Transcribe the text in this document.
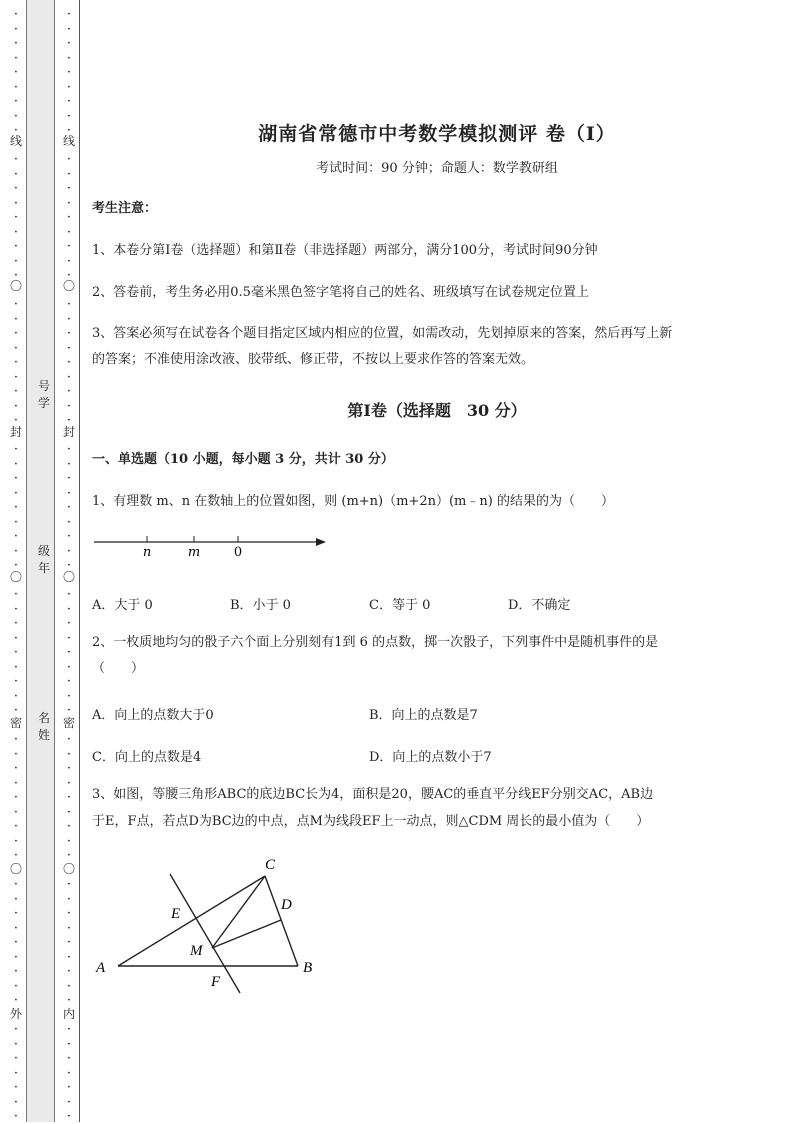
·
·
·
·
·
·
·
·
·
·
·
·
·
·
·
·
·
·
·
·
·
·
·
·
·
·
·
·
·
·
·
·
·
·
·
·
·
·
·
·
·
·
·
·
·
·
·
·
·
·
·
·
·
·
·
·
·
·
·
·
·
·
·
·
·
·
·
·
·
·
·
·
·
·
·
·
·
·
·
·
·
·
·
·
·
·
·
·
·
·
·
·
·
·
·
·
·
·
·
·
·
·
·
·
·
·
·
·
·
·
·
·
·
·
·
·
·
·
·
·
·
·
·
·
·
·
·
·
·
·
·
·
·
·
·
·
·
·
·
·
线
〇
封
〇
密
〇
外
线
〇
封
〇
密
〇
内
号学
级年
名姓
湖南省常德市中考数学模拟测评 卷（Ⅰ）
考试时间：90 分钟；命题人：数学教研组
考生注意：
1、本卷分第Ⅰ卷（选择题）和第Ⅱ卷（非选择题）两部分，满分100分，考试时间90分钟
2、答卷前，考生务必用0.5毫米黑色签字笔将自己的姓名、班级填写在试卷规定位置上
3、答案必须写在试卷各个题目指定区域内相应的位置，如需改动，先划掉原来的答案，然后再写上新
的答案；不准使用涂改液、胶带纸、修正带，不按以上要求作答的答案无效。
第Ⅰ卷（选择题　30 分）
一、单选题（10 小题，每小题 3 分，共计 30 分）
1、有理数 m、n 在数轴上的位置如图，则 (m+n)（m+2n）(m﹣n) 的结果的为（　　）
n	m	0
A．大于 0	B．小于 0	C．等于 0	D．不确定
2、一枚质地均匀的骰子六个面上分别刻有1到 6 的点数，掷一次骰子，下列事件中是随机事件的是
（　　）
A．向上的点数大于0	B．向上的点数是7
C．向上的点数是4	D．向上的点数小于7
3、如图，等腰三角形ABC的底边BC长为4，面积是20，腰AC的垂直平分线EF分别交AC，AB边
于E，F点，若点D为BC边的中点，点M为线段EF上一动点，则△CDM 周长的最小值为（　　）
A	B
C
D
E
F
M
